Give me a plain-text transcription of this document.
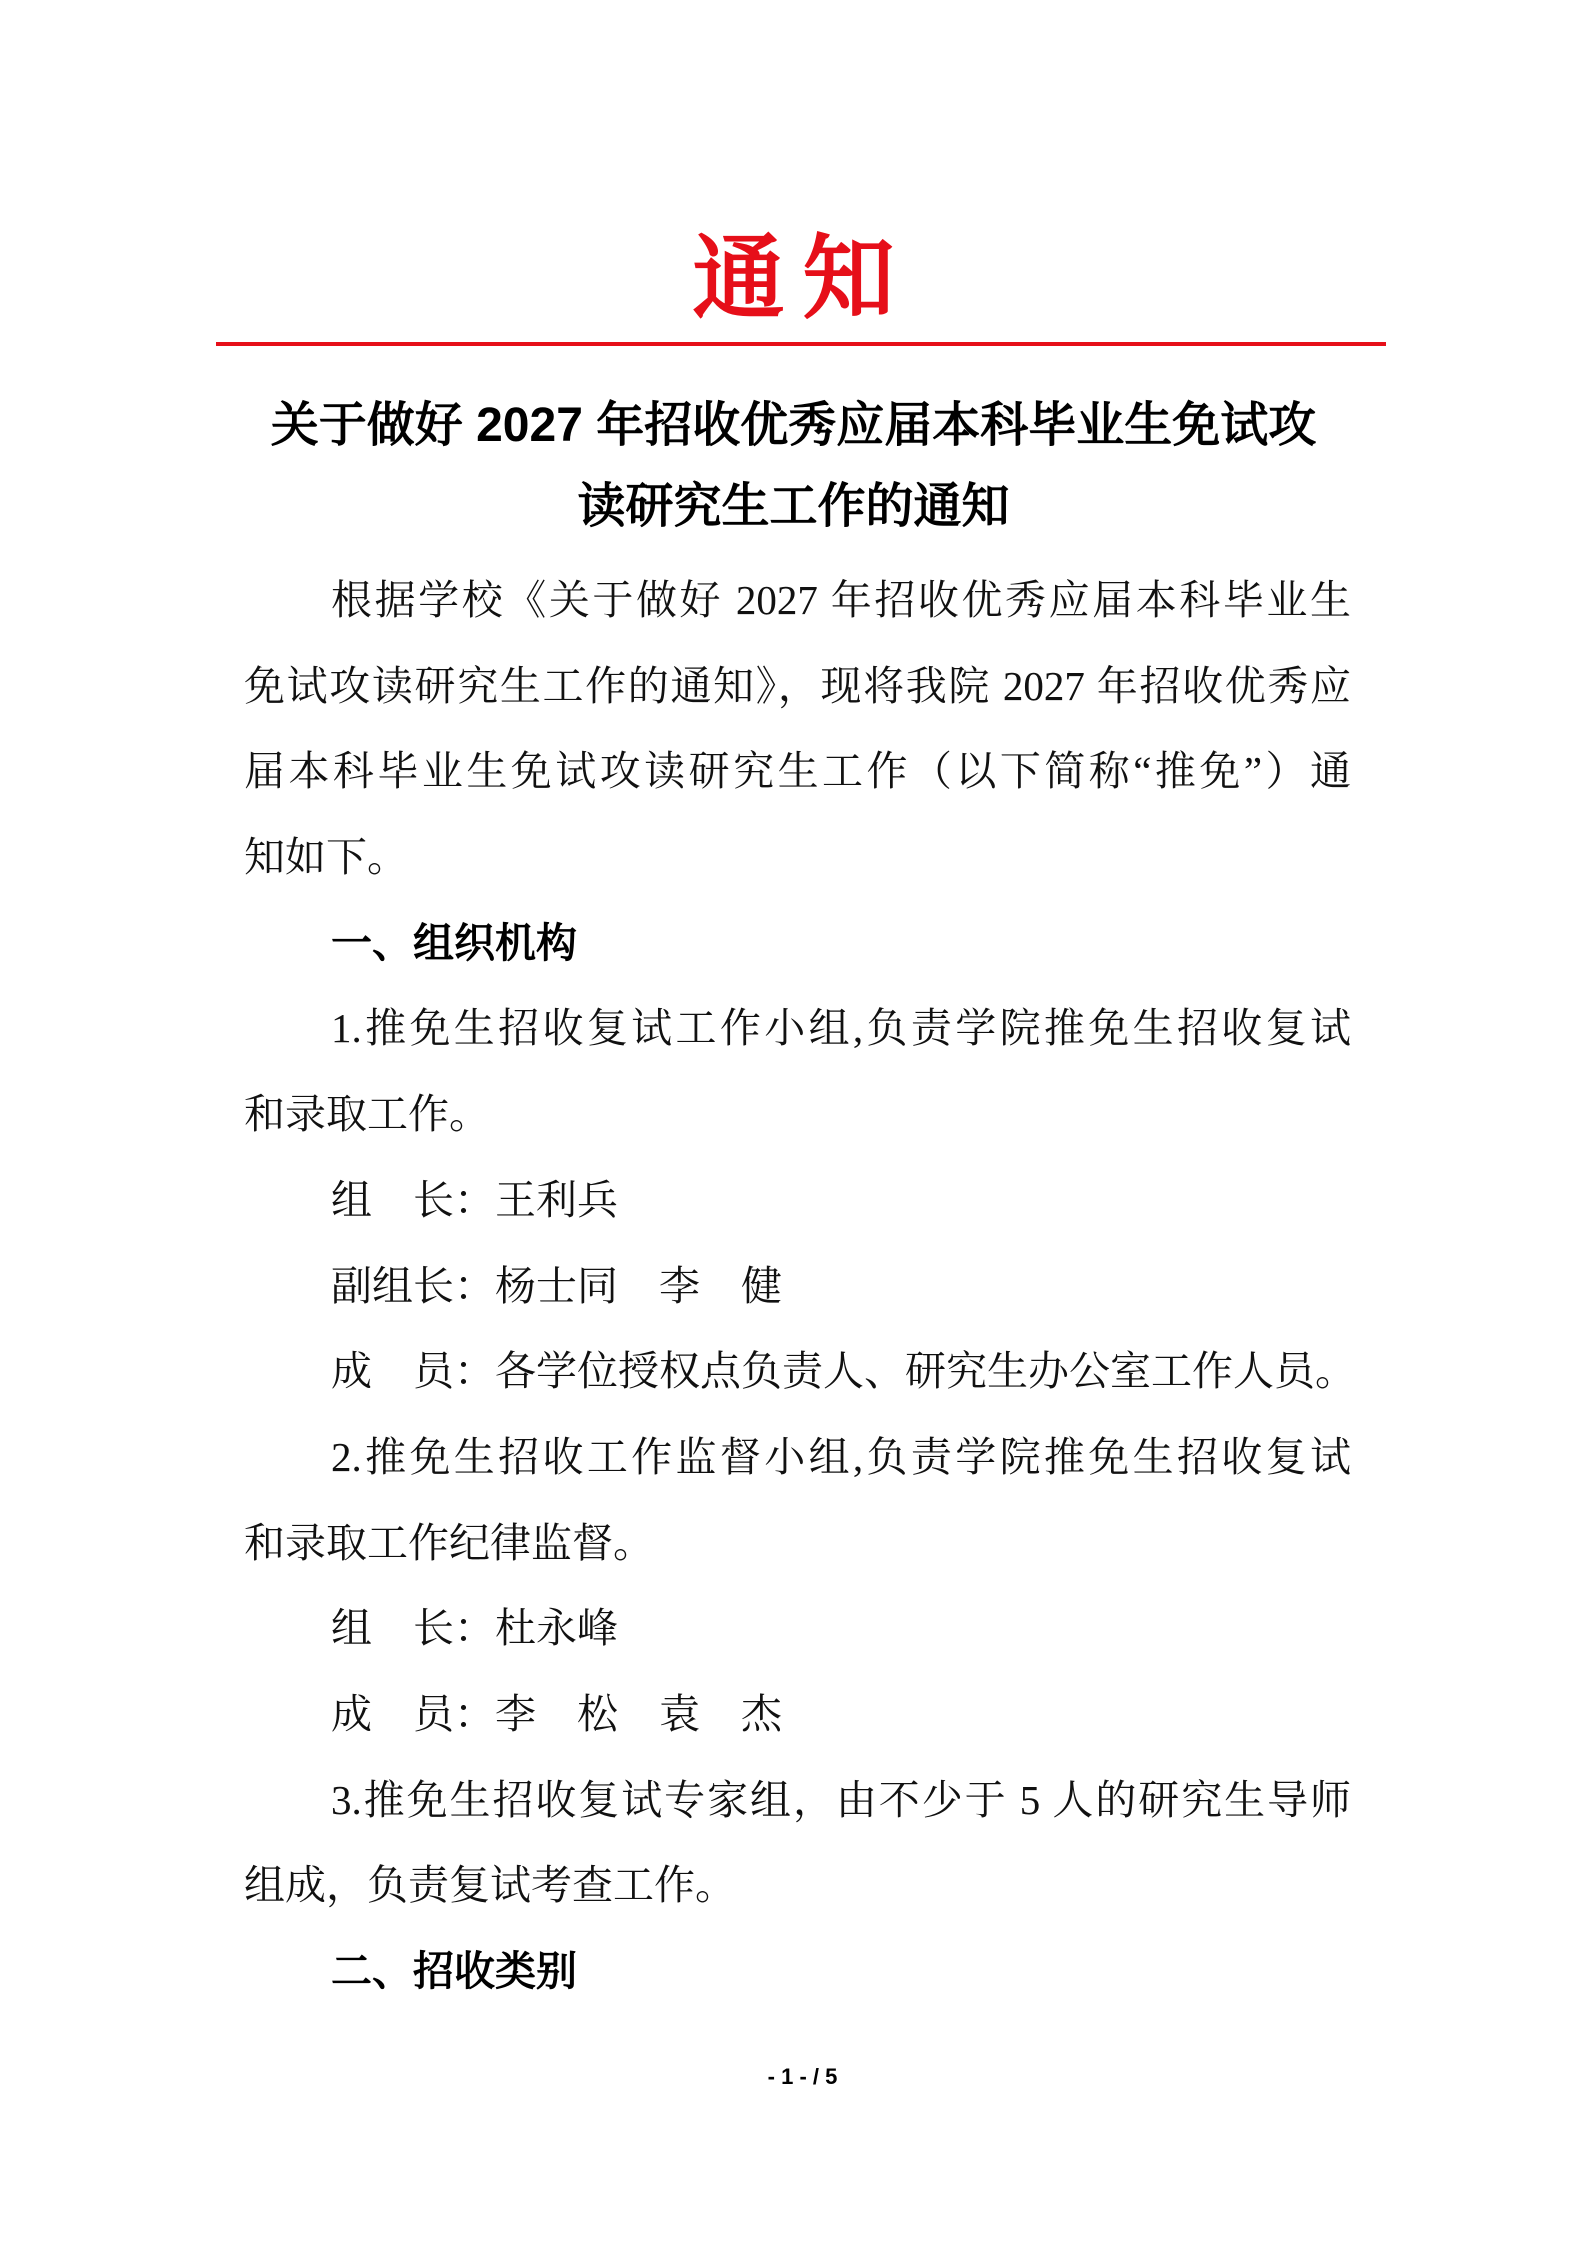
通知
关于做好 2027 年招收优秀应届本科毕业生免试攻
读研究生工作的通知
根据学校《关于做好 2027 年招收优秀应届本科毕业生
免试攻读研究生工作的通知》，现将我院 2027 年招收优秀应
届本科毕业生免试攻读研究生工作（以下简称“推免”）通
知如下。
一、组织机构
1.推免生招收复试工作小组,负责学院推免生招收复试
和录取工作。
组　长：王利兵
副组长：杨士同　李　健
成　员：各学位授权点负责人、研究生办公室工作人员。
2.推免生招收工作监督小组,负责学院推免生招收复试
和录取工作纪律监督。
组　长：杜永峰
成　员：李　松　袁　杰
3.推免生招收复试专家组，由不少于 5 人的研究生导师
组成，负责复试考查工作。
二、招收类别
- 1 - / 5
